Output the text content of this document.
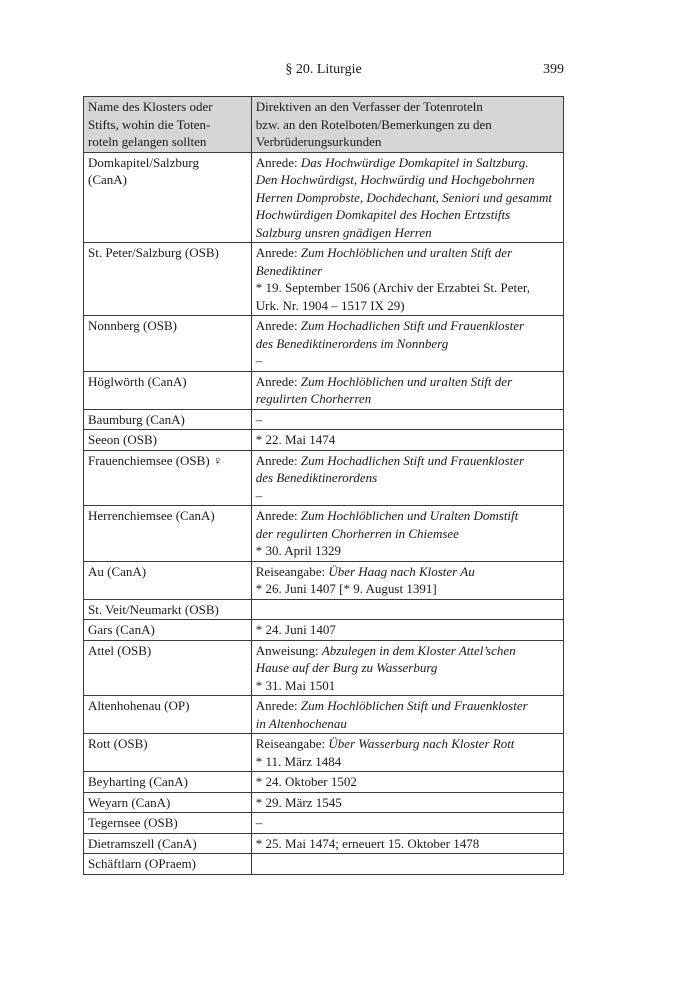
§ 20. Liturgie	399
Name des Klosters oder
Stifts, wohin die Toten-
roteln gelangen sollten	Direktiven an den Verfasser der Totenroteln
bzw. an den Rotelboten/Bemerkungen zu den
Verbrüderungsurkunden

Domkapitel/Salzburg
(CanA)	Anrede: Das Hochwürdige Domkapitel in Saltzburg.
Den Hochwürdigst, Hochwürdig und Hochgebohrnen
Herren Domprobste, Dochdechant, Seniori und gesammt
Hochwürdigen Domkapitel des Hochen Ertzstifts
Salzburg unsren gnädigen Herren

St. Peter/Salzburg (OSB)	Anrede: Zum Hochlöblichen und uralten Stift der
Benediktiner
* 19. September 1506 (Archiv der Erzabtei St. Peter,
Urk. Nr. 1904 – 1517 IX 29)

Nonnberg (OSB)	Anrede: Zum Hochadlichen Stift und Frauenkloster
des Benediktinerordens im Nonnberg
–

Höglwörth (CanA)	Anrede: Zum Hochlöblichen und uralten Stift der
regulirten Chorherren

Baumburg (CanA)	–

Seeon (OSB)	* 22. Mai 1474

Frauenchiemsee (OSB) ♀	Anrede: Zum Hochadlichen Stift und Frauenkloster
des Benediktinerordens
–

Herrenchiemsee (CanA)	Anrede: Zum Hochlöblichen und Uralten Domstift
der regulirten Chorherren in Chiemsee
* 30. April 1329

Au (CanA)	Reiseangabe: Über Haag nach Kloster Au
* 26. Juni 1407 [* 9. August 1391]

St. Veit/Neumarkt (OSB)	

Gars (CanA)	* 24. Juni 1407

Attel (OSB)	Anweisung: Abzulegen in dem Kloster Attel’schen
Hause auf der Burg zu Wasserburg
* 31. Mai 1501

Altenhohenau (OP)	Anrede: Zum Hochlöblichen Stift und Frauenkloster
in Altenhochenau

Rott (OSB)	Reiseangabe: Über Wasserburg nach Kloster Rott
* 11. März 1484

Beyharting (CanA)	* 24. Oktober 1502

Weyarn (CanA)	* 29. März 1545

Tegernsee (OSB)	–

Dietramszell (CanA)	* 25. Mai 1474; erneuert 15. Oktober 1478

Schäftlarn (OPraem)	
